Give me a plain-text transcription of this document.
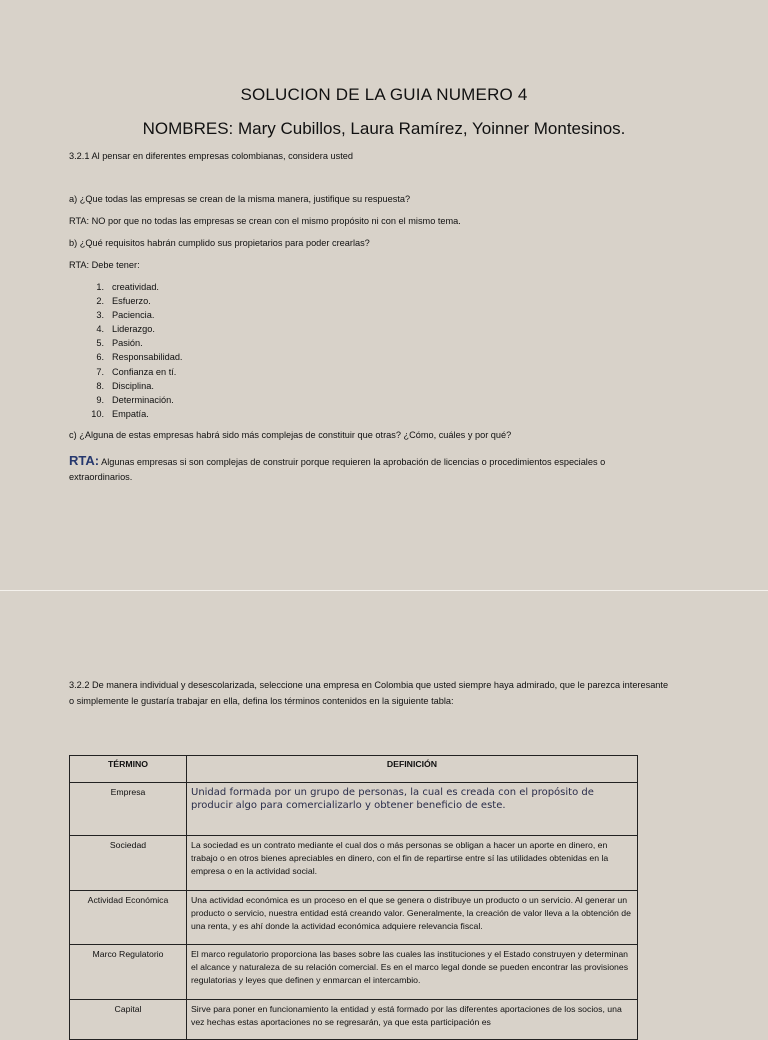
SOLUCION DE LA GUIA NUMERO 4
NOMBRES: Mary Cubillos, Laura Ramírez, Yoinner Montesinos.
3.2.1 Al pensar en diferentes empresas colombianas, considera usted
a) ¿Que todas las empresas se crean de la misma manera, justifique su respuesta?
RTA: NO por que no todas las empresas se crean con el mismo propósito ni con el mismo tema.
b) ¿Qué requisitos habrán cumplido sus propietarios para poder crearlas?
RTA: Debe tener:
1. creatividad.
2. Esfuerzo.
3. Paciencia.
4. Liderazgo.
5. Pasión.
6. Responsabilidad.
7. Confianza en tí.
8. Disciplina.
9. Determinación.
10. Empatía.
c) ¿Alguna de estas empresas habrá sido más complejas de constituir que otras? ¿Cómo, cuáles y por qué?
RTA: Algunas empresas si son complejas de construir porque requieren la aprobación de licencias o procedimientos especiales o
extraordinarios.
3.2.2 De manera individual y desescolarizada, seleccione una empresa en Colombia que usted siempre haya admirado, que le parezca interesante
o simplemente le gustaría trabajar en ella, defina los términos contenidos en la siguiente tabla:
TÉRMINO	DEFINICIÓN
Empresa	Unidad formada por un grupo de personas, la cual es creada con el propósito de producir algo para comercializarlo y obtener beneficio de este.
Sociedad	La sociedad es un contrato mediante el cual dos o más personas se obligan a hacer un aporte en dinero, en trabajo o en otros bienes apreciables en dinero, con el fin de repartirse entre sí las utilidades obtenidas en la empresa o en la actividad social.
Actividad Económica	Una actividad económica es un proceso en el que se genera o distribuye un producto o un servicio. Al generar un producto o servicio, nuestra entidad está creando valor. Generalmente, la creación de valor lleva a la obtención de una renta, y es ahí donde la actividad económica adquiere relevancia fiscal.
Marco Regulatorio	El marco regulatorio proporciona las bases sobre las cuales las instituciones y el Estado construyen y determinan el alcance y naturaleza de su relación comercial. Es en el marco legal donde se pueden encontrar las provisiones regulatorias y leyes que definen y enmarcan el intercambio.
Capital	Sirve para poner en funcionamiento la entidad y está formado por las diferentes aportaciones de los socios, una vez hechas estas aportaciones no se regresarán, ya que esta participación es
